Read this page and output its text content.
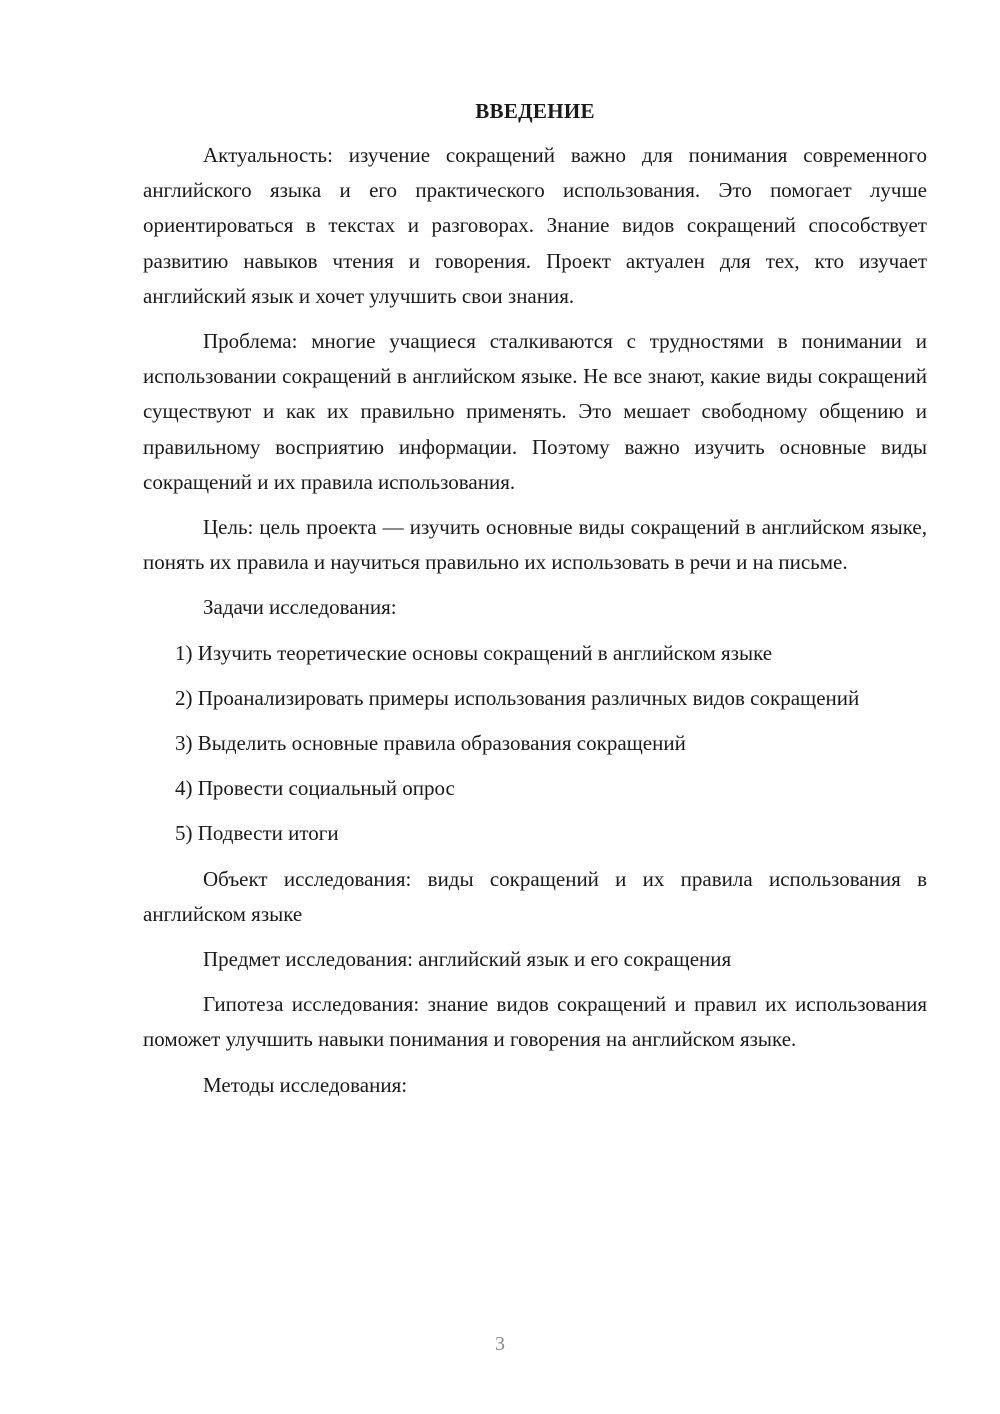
ВВЕДЕНИЕ

Актуальность: изучение сокращений важно для понимания современного английского языка и его практического использования. Это помогает лучше ориентироваться в текстах и разговорах. Знание видов сокращений способствует развитию навыков чтения и говорения. Проект актуален для тех, кто изучает английский язык и хочет улучшить свои знания.

Проблема: многие учащиеся сталкиваются с трудностями в понимании и использовании сокращений в английском языке. Не все знают, какие виды сокращений существуют и как их правильно применять. Это мешает свободному общению и правильному восприятию информации. Поэтому важно изучить основные виды сокращений и их правила использования.

Цель: цель проекта — изучить основные виды сокращений в английском языке, понять их правила и научиться правильно их использовать в речи и на письме.

Задачи исследования:

1) Изучить теоретические основы сокращений в английском языке
2) Проанализировать примеры использования различных видов сокращений
3) Выделить основные правила образования сокращений
4) Провести социальный опрос
5) Подвести итоги

Объект исследования: виды сокращений и их правила использования в английском языке

Предмет исследования: английский язык и его сокращения

Гипотеза исследования: знание видов сокращений и правил их использования поможет улучшить навыки понимания и говорения на английском языке.

Методы исследования:

3
